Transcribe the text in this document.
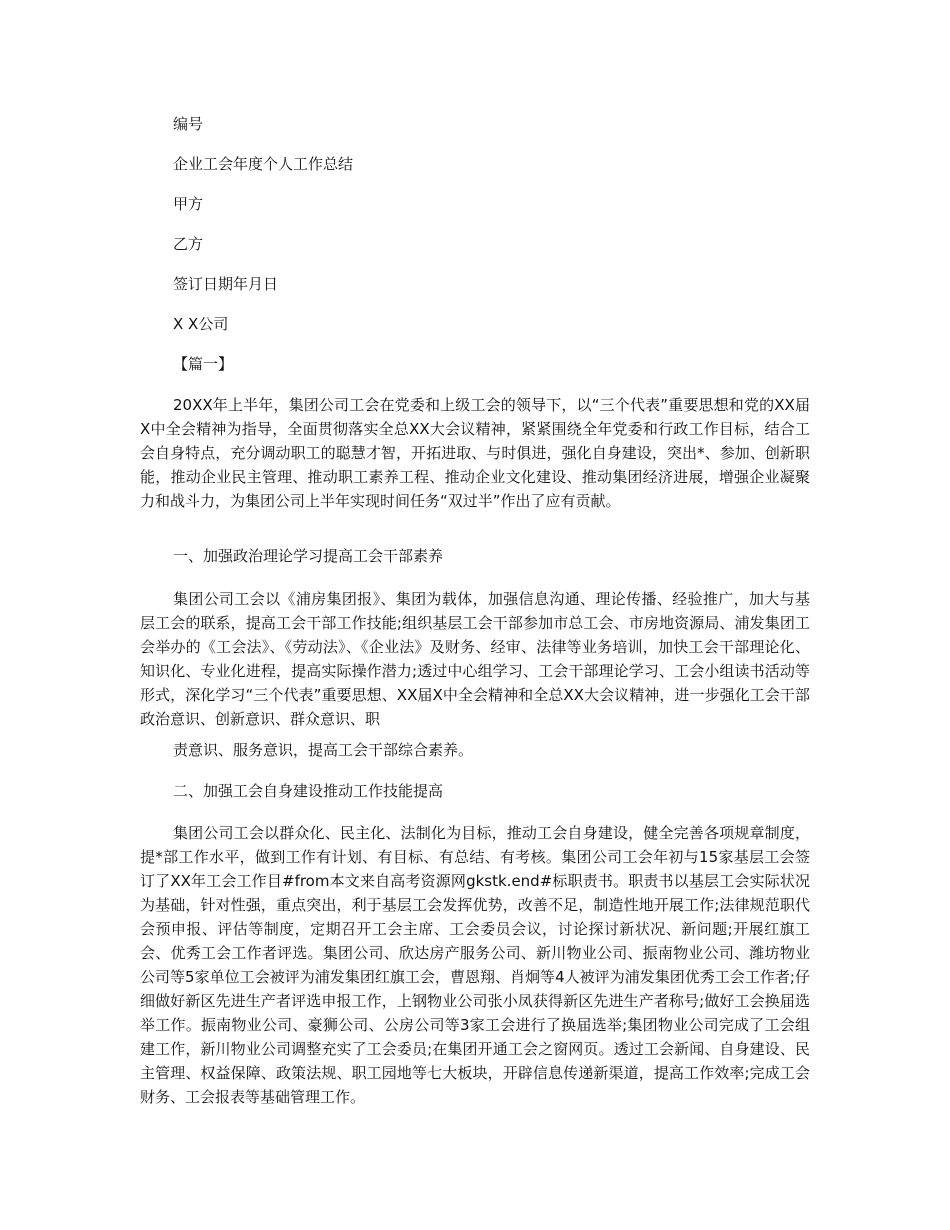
编号
企业工会年度个人工作总结
甲方
乙方
签订日期年月日
X X公司
【篇一】
20XX年上半年，集团公司工会在党委和上级工会的领导下，以“三个代表”重要思想和党的XX届X中全会精神为指导，全面贯彻落实全总XX大会议精神，紧紧围绕全年党委和行政工作目标，结合工会自身特点，充分调动职工的聪慧才智，开拓进取、与时俱进，强化自身建设，突出*、参加、创新职能，推动企业民主管理、推动职工素养工程、推动企业文化建设、推动集团经济进展，增强企业凝聚力和战斗力，为集团公司上半年实现时间任务“双过半”作出了应有贡献。
一、加强政治理论学习提高工会干部素养
集团公司工会以《浦房集团报》、集团为载体，加强信息沟通、理论传播、经验推广，加大与基层工会的联系，提高工会干部工作技能;组织基层工会干部参加市总工会、市房地资源局、浦发集团工会举办的《工会法》、《劳动法》、《企业法》及财务、经审、法律等业务培训，加快工会干部理论化、知识化、专业化进程，提高实际操作潜力;透过中心组学习、工会干部理论学习、工会小组读书活动等形式，深化学习“三个代表”重要思想、XX届X中全会精神和全总XX大会议精神，进一步强化工会干部政治意识、创新意识、群众意识、职
责意识、服务意识，提高工会干部综合素养。
二、加强工会自身建设推动工作技能提高
集团公司工会以群众化、民主化、法制化为目标，推动工会自身建设，健全完善各项规章制度，提*部工作水平，做到工作有计划、有目标、有总结、有考核。集团公司工会年初与15家基层工会签订了XX年工会工作目#from本文来自高考资源网gkstk.end#标职责书。职责书以基层工会实际状况为基础，针对性强，重点突出，利于基层工会发挥优势，改善不足，制造性地开展工作;法律规范职代会预申报、评估等制度，定期召开工会主席、工会委员会议，讨论探讨新状况、新问题;开展红旗工会、优秀工会工作者评选。集团公司、欣达房产服务公司、新川物业公司、振南物业公司、潍坊物业公司等5家单位工会被评为浦发集团红旗工会，曹恩翔、肖炯等4人被评为浦发集团优秀工会工作者;仔细做好新区先进生产者评选申报工作，上钢物业公司张小凤获得新区先进生产者称号;做好工会换届选举工作。振南物业公司、豪狮公司、公房公司等3家工会进行了换届选举;集团物业公司完成了工会组建工作，新川物业公司调整充实了工会委员;在集团开通工会之窗网页。透过工会新闻、自身建设、民主管理、权益保障、政策法规、职工园地等七大板块，开辟信息传递新渠道，提高工作效率;完成工会财务、工会报表等基础管理工作。
